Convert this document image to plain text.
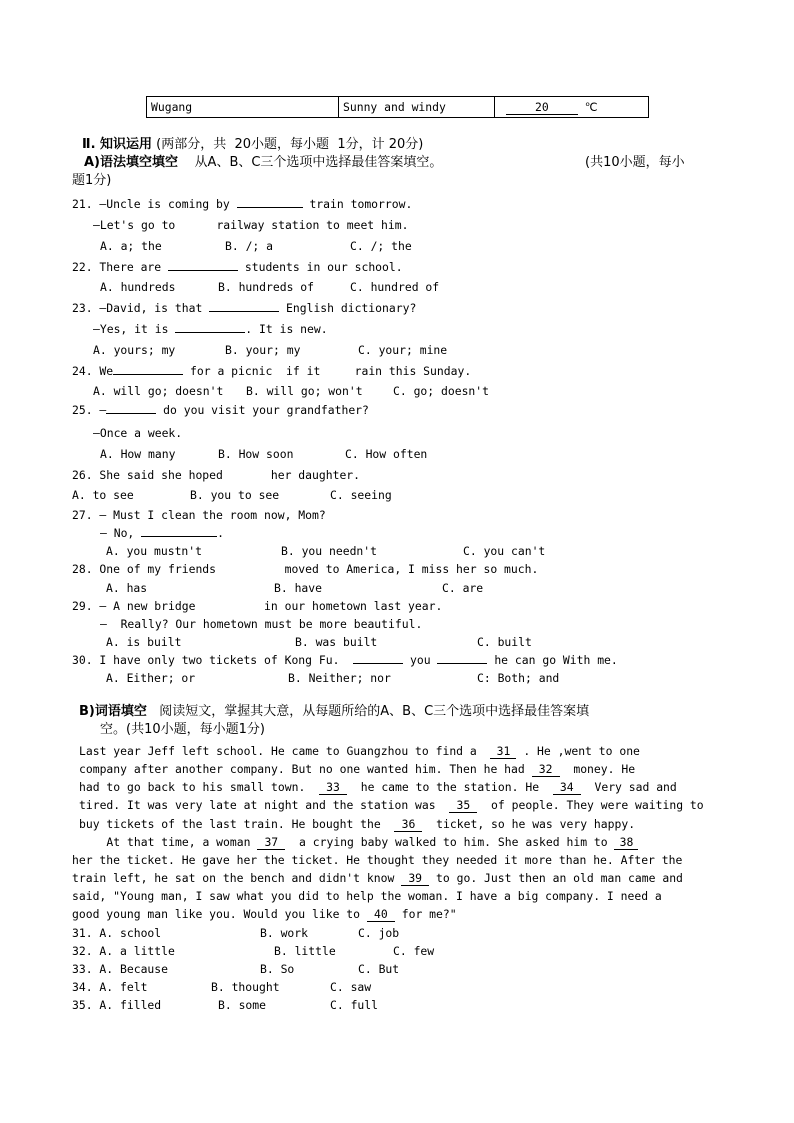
Wugang	Sunny and windy	20	℃
Ⅱ. 知识运用 (两部分，共  20小题，每小题  1分，计 20分)
A)语法填空填空 从A、B、C三个选项中选择最佳答案填空。	(共10小题，每小
题1分)
21. —Uncle is coming by	train tomorrow.
—Let's go to      railway station to meet him.
A. a; the	B. /; a	C. /; the
22. There are	students in our school.
A. hundreds	B. hundreds of	C. hundred of
23. —David, is that	English dictionary?
—Yes, it is	. It is new.
A. yours; my	B. your; my	C. your; mine
24. We	for a picnic  if it     rain this Sunday.
A. will go; doesn't B. will go; won't	C. go; doesn't
25. —	do you visit your grandfather?
—Once a week.
A. How many	B. How soon	C. How often
26. She said she hoped       her daughter.
A. to see	B. you to see	C. seeing
27. — Must I clean the room now, Mom?
— No,	.
A. you mustn't	B. you needn't	C. you can't
28. One of my friends          moved to America, I miss her so much.
A. has	B. have	C. are
29. — A new bridge          in our hometown last year.
—  Really? Our hometown must be more beautiful.
A. is built	B. was built	C. built
30. I have only two tickets of Kong Fu.	you	he can go With me.
A. Either; or	B. Neither; nor	C: Both; and
B)词语填空 阅读短文，掌握其大意，从每题所给的A、B、C三个选项中选择最佳答案填
空。(共10小题，每小题1分)
Last year Jeff left school. He came to Guangzhou to find a  31 . He ,went to one
company after another company. But no one wanted him. Then he had 32  money. He
had to go back to his small town.  33  he came to the station. He  34  Very sad and
tired. It was very late at night and the station was  35  of people. They were waiting to
buy tickets of the last train. He bought the  36  ticket, so he was very happy.
At that time, a woman 37  a crying baby walked to him. She asked him to 38
her the ticket. He gave her the ticket. He thought they needed it more than he. After the
train left, he sat on the bench and didn't know 39 to go. Just then an old man came and
said, "Young man, I saw what you did to help the woman. I have a big company. I need a
good young man like you. Would you like to 40 for me?"
31. A. school	B. work	C. job
32. A. a little	B. little	C. few
33. A. Because	B. So	C. But
34. A. felt	B. thought	C. saw
35. A. filled	B. some	C. full
